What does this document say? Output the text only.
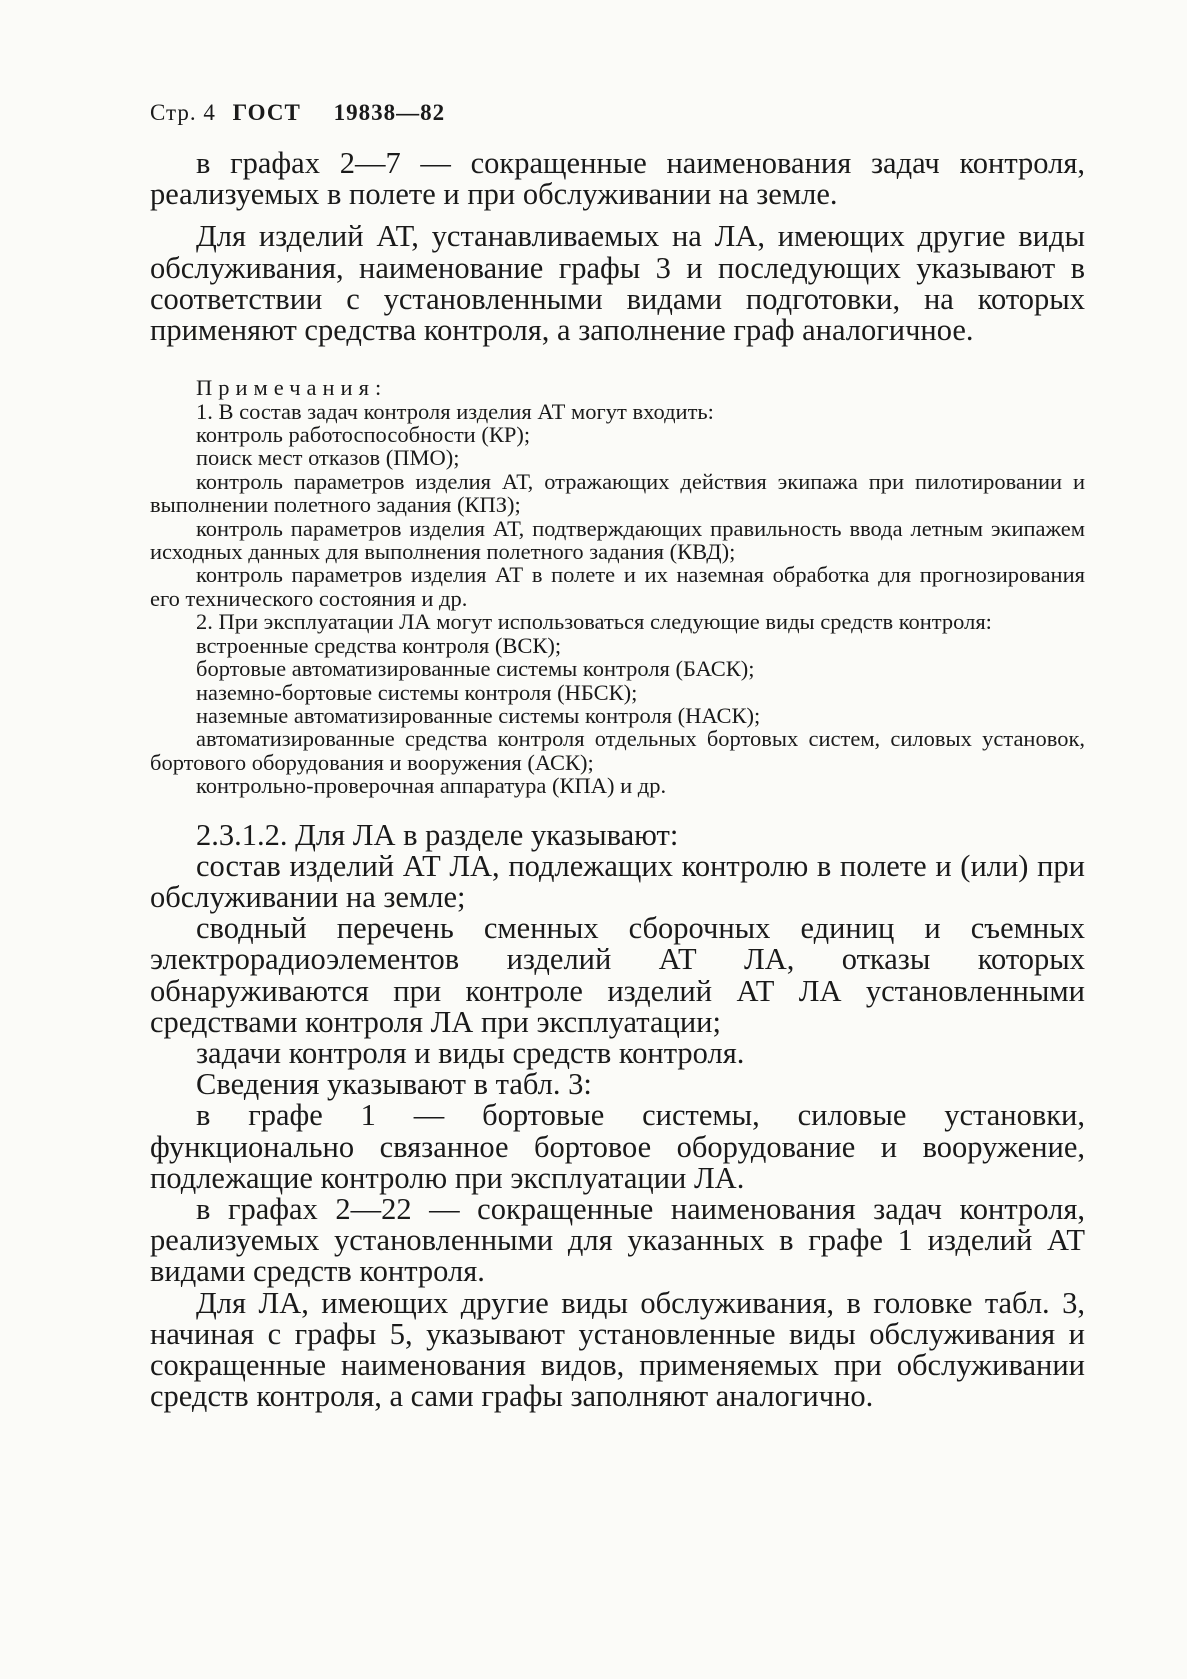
Стр. 4 ГОСТ 19838—82

в графах 2—7 — сокращенные наименования задач контроля, реализуемых в полете и при обслуживании на земле.

Для изделий АТ, устанавливаемых на ЛА, имеющих другие виды обслуживания, наименование графы 3 и последующих указывают в соответствии с установленными видами подготовки, на которых применяют средства контроля, а заполнение граф аналогичное.

Примечания:

1. В состав задач контроля изделия АТ могут входить:

контроль работоспособности (КР);

поиск мест отказов (ПМО);

контроль параметров изделия АТ, отражающих действия экипажа при пилотировании и выполнении полетного задания (КПЗ);

контроль параметров изделия АТ, подтверждающих правильность ввода летным экипажем исходных данных для выполнения полетного задания (КВД);

контроль параметров изделия АТ в полете и их наземная обработка для прогнозирования его технического состояния и др.

2. При эксплуатации ЛА могут использоваться следующие виды средств контроля:

встроенные средства контроля (ВСК);

бортовые автоматизированные системы контроля (БАСК);

наземно-бортовые системы контроля (НБСК);

наземные автоматизированные системы контроля (НАСК);

автоматизированные средства контроля отдельных бортовых систем, силовых установок, бортового оборудования и вооружения (АСК);

контрольно-проверочная аппаратура (КПА) и др.

2.3.1.2. Для ЛА в разделе указывают:

состав изделий АТ ЛА, подлежащих контролю в полете и (или) при обслуживании на земле;

сводный перечень сменных сборочных единиц и съемных электрорадиоэлементов изделий АТ ЛА, отказы которых обнаруживаются при контроле изделий АТ ЛА установленными средствами контроля ЛА при эксплуатации;

задачи контроля и виды средств контроля.

Сведения указывают в табл. 3:

в графе 1 — бортовые системы, силовые установки, функционально связанное бортовое оборудование и вооружение, подлежащие контролю при эксплуатации ЛА.

в графах 2—22 — сокращенные наименования задач контроля, реализуемых установленными для указанных в графе 1 изделий АТ видами средств контроля.

Для ЛА, имеющих другие виды обслуживания, в головке табл. 3, начиная с графы 5, указывают установленные виды обслуживания и сокращенные наименования видов, применяемых при обслуживании средств контроля, а сами графы заполняют аналогично.
